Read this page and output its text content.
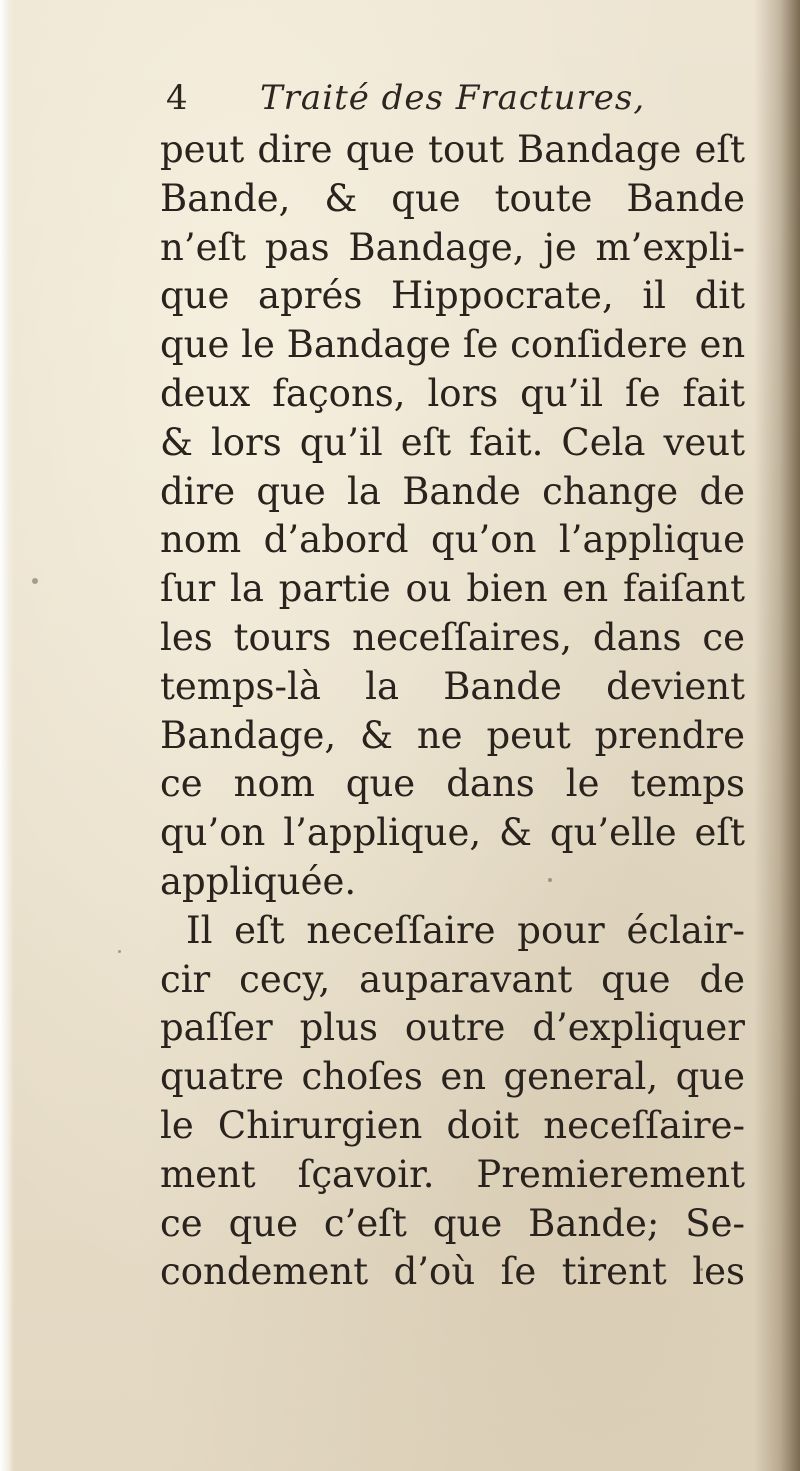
4 Traité des Fractures,
peut dire que tout Bandage eſt
Bande, & que toute Bande
n’eſt pas Bandage, je m’expli-
que aprés Hippocrate, il dit
que le Bandage ſe conſidere en
deux façons, lors qu’il ſe fait
& lors qu’il eſt fait. Cela veut
dire que la Bande change de
nom d’abord qu’on l’applique
ſur la partie ou bien en faiſant
les tours neceſſaires, dans ce
temps-là la Bande devient
Bandage, & ne peut prendre
ce nom que dans le temps
qu’on l’applique, & qu’elle eſt
appliquée.
Il eſt neceſſaire pour éclair-
cir cecy, auparavant que de
paſſer plus outre d’expliquer
quatre choſes en general, que
le Chirurgien doit neceſſaire-
ment ſçavoir. Premierement
ce que c’eſt que Bande; Se-
condement d’où ſe tirent les
